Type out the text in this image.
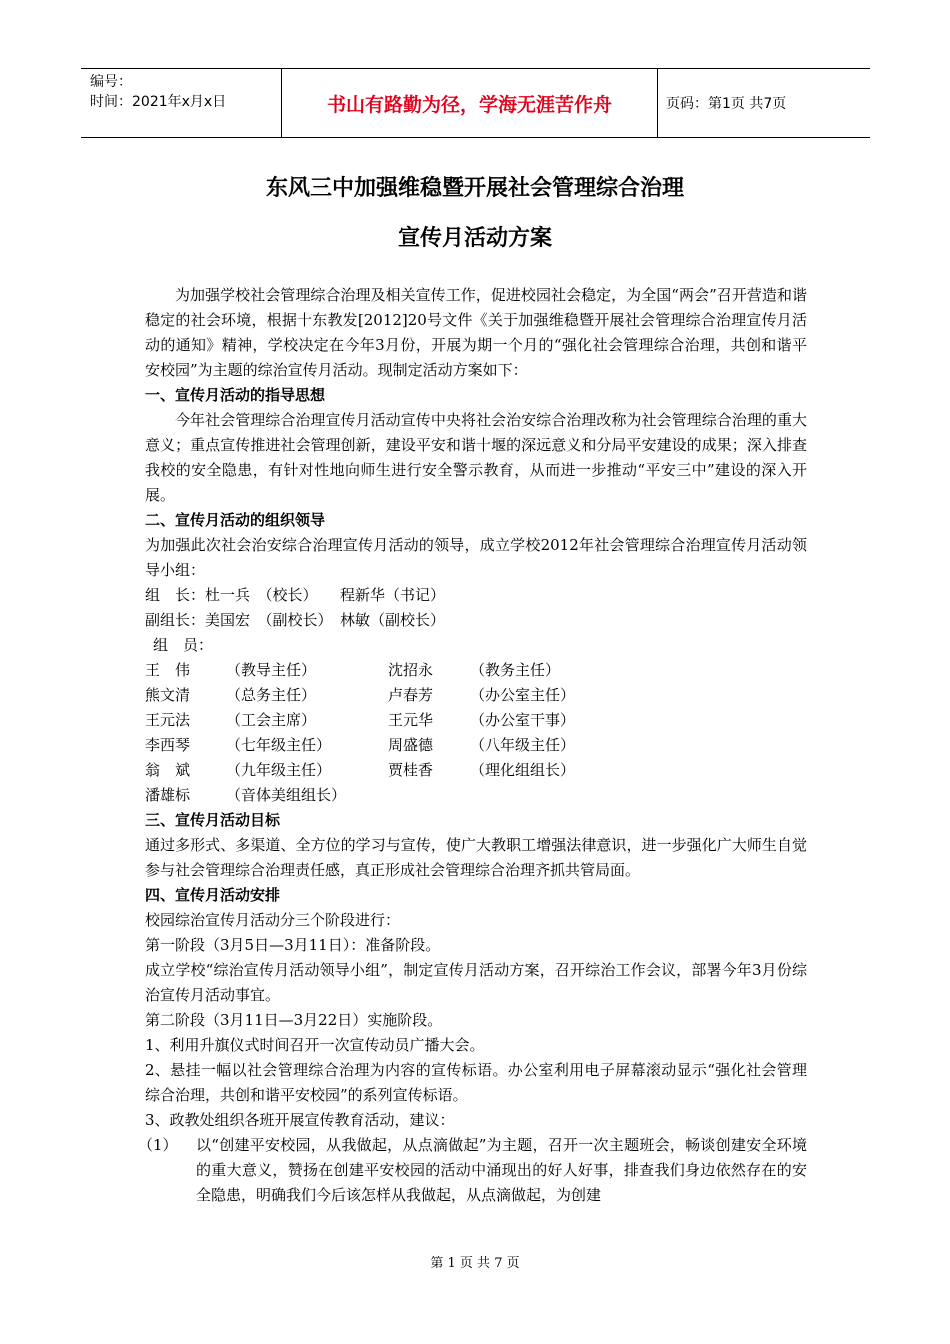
编号：
时间：2021年x月x日	书山有路勤为径，学海无涯苦作舟	页码：第1页 共7页
东风三中加强维稳暨开展社会管理综合治理
宣传月活动方案

为加强学校社会管理综合治理及相关宣传工作，促进校园社会稳定，为全国“两会”召开营造和谐稳定的社会环境，根据十东教发[2012]20号文件《关于加强维稳暨开展社会管理综合治理宣传月活动的通知》精神，学校决定在今年3月份，开展为期一个月的“强化社会管理综合治理，共创和谐平安校园”为主题的综治宣传月活动。现制定活动方案如下：

一、宣传月活动的指导思想

今年社会管理综合治理宣传月活动宣传中央将社会治安综合治理改称为社会管理综合治理的重大意义；重点宣传推进社会管理创新，建设平安和谐十堰的深远意义和分局平安建设的成果；深入排查我校的安全隐患，有针对性地向师生进行安全警示教育，从而进一步推动“平安三中”建设的深入开展。

二、宣传月活动的组织领导

为加强此次社会治安综合治理宣传月活动的领导，成立学校2012年社会管理综合治理宣传月活动领导小组：

组　长：杜一兵　（校长）　　程新华（书记）

副组长：美国宏　（副校长）　林敏（副校长）

组　员：

王　伟	（教导主任）	沈招永	（教务主任）
熊文清	（总务主任）	卢春芳	（办公室主任）
王元法	（工会主席）	王元华	（办公室干事）
李西琴	（七年级主任）	周盛德	（八年级主任）
翁　斌	（九年级主任）	贾桂香	（理化组组长）
潘雄标	（音体美组组长）

三、宣传月活动目标

通过多形式、多渠道、全方位的学习与宣传，使广大教职工增强法律意识，进一步强化广大师生自觉参与社会管理综合治理责任感，真正形成社会管理综合治理齐抓共管局面。

四、宣传月活动安排

校园综治宣传月活动分三个阶段进行：

第一阶段（3月5日—3月11日）：准备阶段。

成立学校“综治宣传月活动领导小组”，制定宣传月活动方案，召开综治工作会议，部署今年3月份综治宣传月活动事宜。

第二阶段（3月11日—3月22日）实施阶段。

1、利用升旗仪式时间召开一次宣传动员广播大会。

2、悬挂一幅以社会管理综合治理为内容的宣传标语。办公室利用电子屏幕滚动显示“强化社会管理综合治理，共创和谐平安校园”的系列宣传标语。

3、政教处组织各班开展宣传教育活动，建议：

（1）	以“创建平安校园，从我做起，从点滴做起”为主题，召开一次主题班会，畅谈创建安全环境的重大意义，赞扬在创建平安校园的活动中涌现出的好人好事，排查我们身边依然存在的安全隐患，明确我们今后该怎样从我做起，从点滴做起，为创建
第 1 页 共 7 页
